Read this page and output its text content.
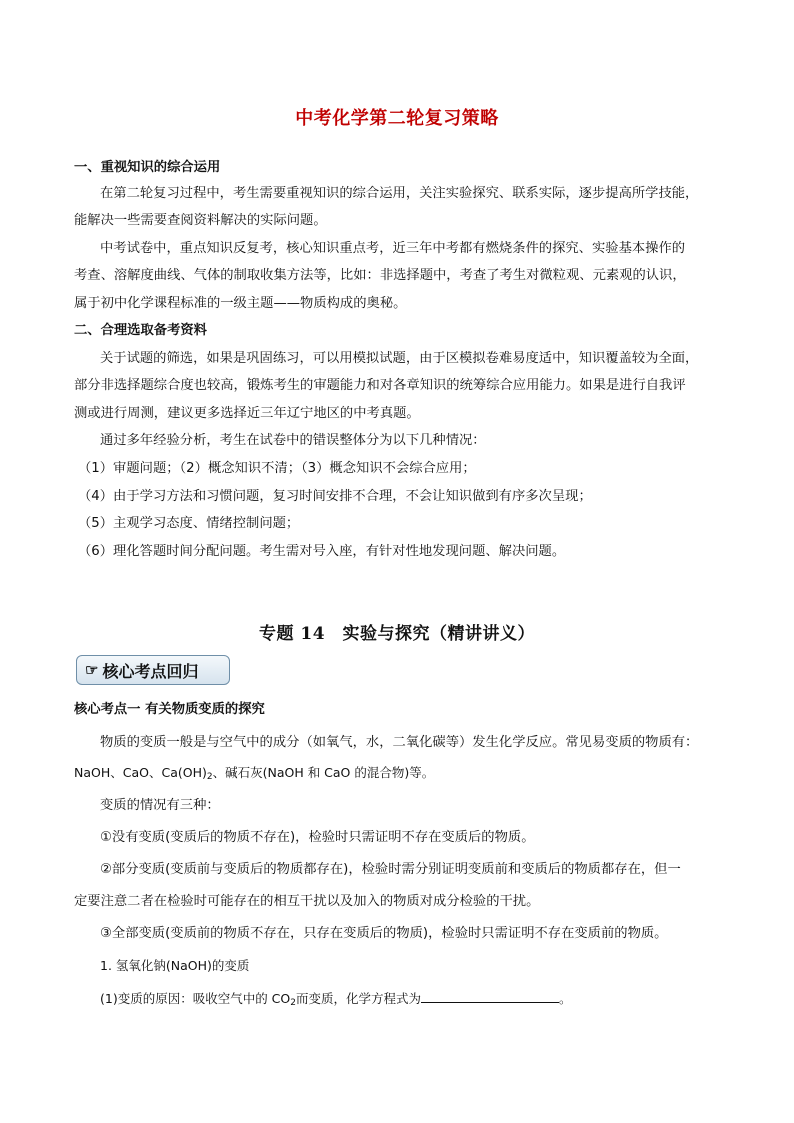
中考化学第二轮复习策略
一、重视知识的综合运用
在第二轮复习过程中，考生需要重视知识的综合运用，关注实验探究、联系实际，逐步提高所学技能，
能解决一些需要查阅资料解决的实际问题。
中考试卷中，重点知识反复考，核心知识重点考，近三年中考都有燃烧条件的探究、实验基本操作的
考查、溶解度曲线、气体的制取收集方法等，比如：非选择题中，考查了考生对微粒观、元素观的认识，
属于初中化学课程标准的一级主题——物质构成的奥秘。
二、合理选取备考资料
关于试题的筛选，如果是巩固练习，可以用模拟试题，由于区模拟卷难易度适中，知识覆盖较为全面，
部分非选择题综合度也较高，锻炼考生的审题能力和对各章知识的统筹综合应用能力。如果是进行自我评
测或进行周测，建议更多选择近三年辽宁地区的中考真题。
通过多年经验分析，考生在试卷中的错误整体分为以下几种情况：
（1）审题问题；（2）概念知识不清；（3）概念知识不会综合应用；
（4）由于学习方法和习惯问题，复习时间安排不合理，不会让知识做到有序多次呈现；
（5）主观学习态度、情绪控制问题；
（6）理化答题时间分配问题。考生需对号入座，有针对性地发现问题、解决问题。
专题 14　实验与探究（精讲讲义）
☞ 核心考点回归
核心考点一 有关物质变质的探究
物质的变质一般是与空气中的成分（如氧气，水，二氧化碳等）发生化学反应。常见易变质的物质有：
NaOH、CaO、$Ca(OH)_2$、碱石灰(NaOH 和 CaO 的混合物)等。
变质的情况有三种：
①没有变质(变质后的物质不存在)，检验时只需证明不存在变质后的物质。
②部分变质(变质前与变质后的物质都存在)，检验时需分别证明变质前和变质后的物质都存在，但一
定要注意二者在检验时可能存在的相互干扰以及加入的物质对成分检验的干扰。
③全部变质(变质前的物质不存在，只存在变质后的物质)，检验时只需证明不存在变质前的物质。
1. 氢氧化钠(NaOH)的变质
(1)变质的原因：吸收空气中的 $CO_2$而变质，化学方程式为	。
